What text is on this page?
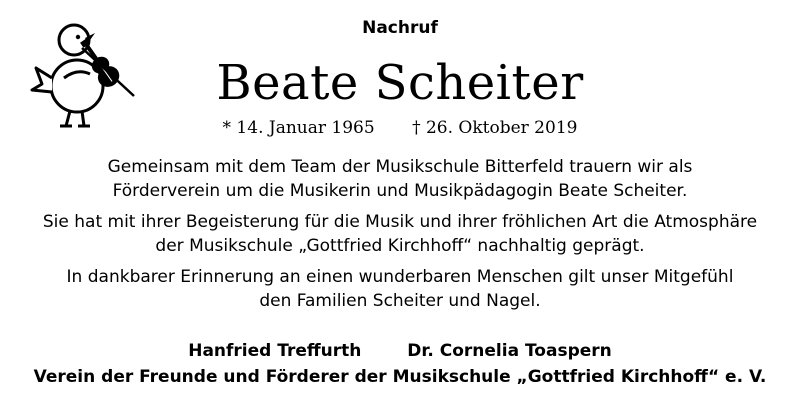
Nachruf
Beate Scheiter
* 14. Januar 1965 † 26. Oktober 2019

Gemeinsam mit dem Team der Musikschule Bitterfeld trauern wir als
Förderverein um die Musikerin und Musikpädagogin Beate Scheiter.

Sie hat mit ihrer Begeisterung für die Musik und ihrer fröhlichen Art die Atmosphäre
der Musikschule „Gottfried Kirchhoff“ nachhaltig geprägt.

In dankbarer Erinnerung an einen wunderbaren Menschen gilt unser Mitgefühl
den Familien Scheiter und Nagel.

Hanfried Treffurth	Dr. Cornelia Toaspern
Verein der Freunde und Förderer der Musikschule „Gottfried Kirchhoff“ e. V.
